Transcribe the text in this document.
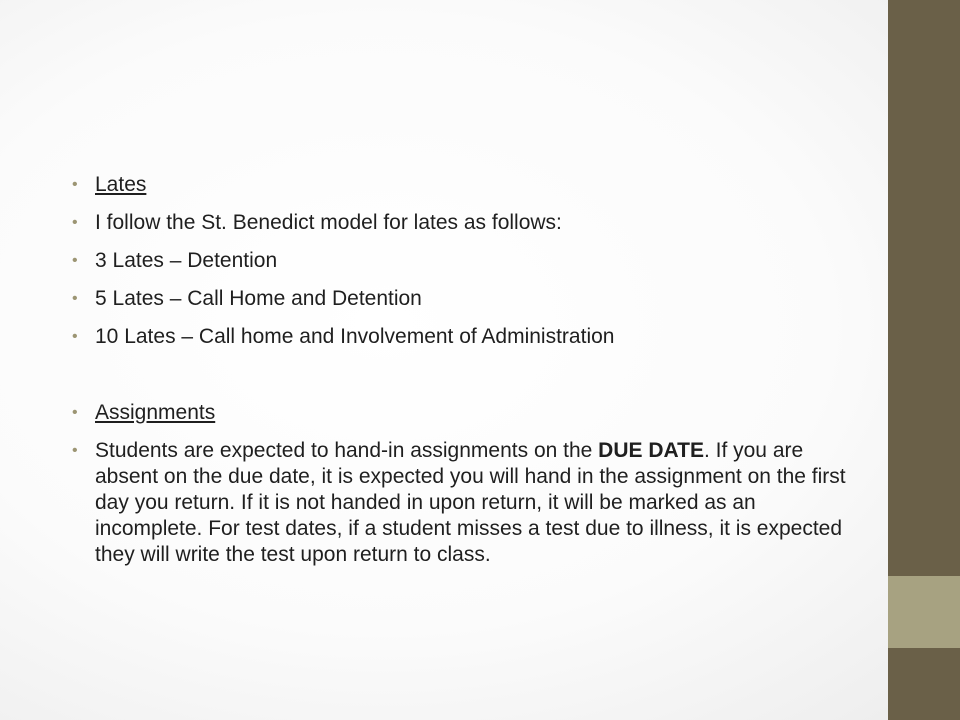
• Lates
• I follow the St. Benedict model for lates as follows:
• 3 Lates – Detention
• 5 Lates – Call Home and Detention
• 10 Lates – Call home and Involvement of Administration
• Assignments
• Students are expected to hand-in assignments on the DUE DATE. If you are absent on the due date, it is expected you will hand in the assignment on the first day you return. If it is not handed in upon return, it will be marked as an incomplete. For test dates, if a student misses a test due to illness, it is expected they will write the test upon return to class.
